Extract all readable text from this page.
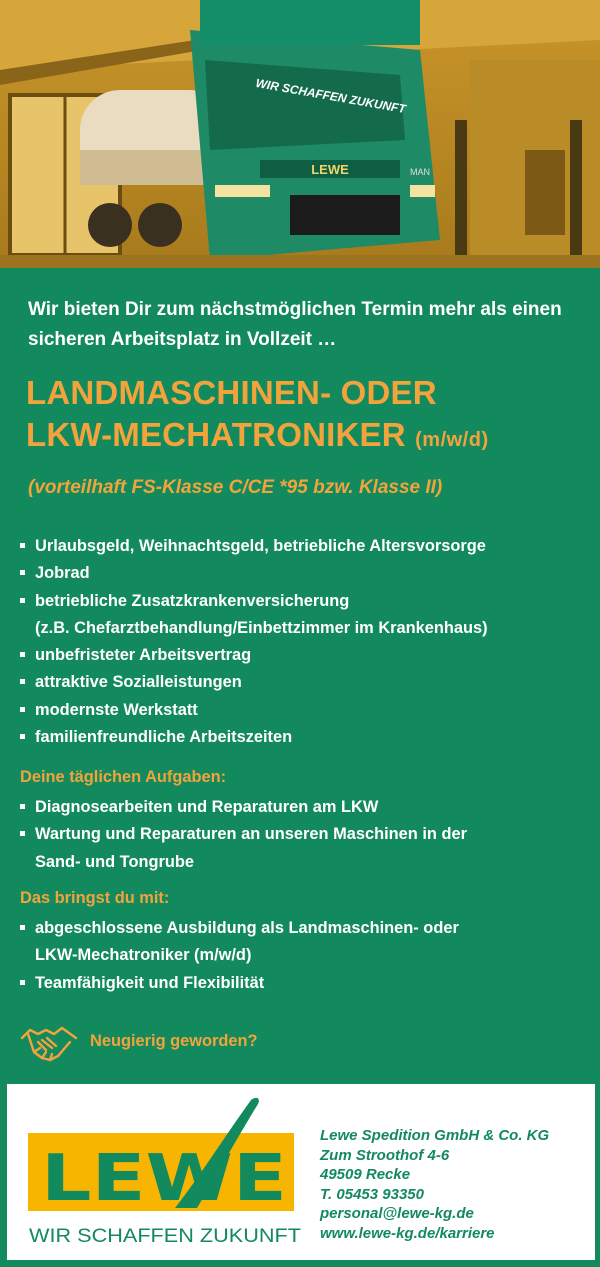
WIR SCHAFFEN ZUKUNFT
LEWE	MAN

Wir bieten Dir zum nächstmöglichen Termin mehr als einen sicheren Arbeitsplatz in Vollzeit …

LANDMASCHINEN- ODER
LKW-MECHATRONIKER (m/w/d)

(vorteilhaft FS-Klasse C/CE *95 bzw. Klasse II)

Urlaubsgeld, Weihnachtsgeld, betriebliche Altersvorsorge
Jobrad
betriebliche Zusatzkrankenversicherung
(z.B. Chefarztbehandlung/Einbettzimmer im Krankenhaus)
unbefristeter Arbeitsvertrag
attraktive Sozialleistungen
modernste Werkstatt
familienfreundliche Arbeitszeiten
Deine täglichen Aufgaben:
Diagnosearbeiten und Reparaturen am LKW
Wartung und Reparaturen an unseren Maschinen in der
Sand- und Tongrube
Das bringst du mit:
abgeschlossene Ausbildung als Landmaschinen- oder
LKW-Mechatroniker (m/w/d)
Teamfähigkeit und Flexibilität
Neugierig geworden?
LEWE
WIR SCHAFFEN ZUKUNFT
Lewe Spedition GmbH & Co. KG
Zum Stroothof 4-6
49509 Recke
T. 05453 93350
personal@lewe-kg.de
www.lewe-kg.de/karriere
